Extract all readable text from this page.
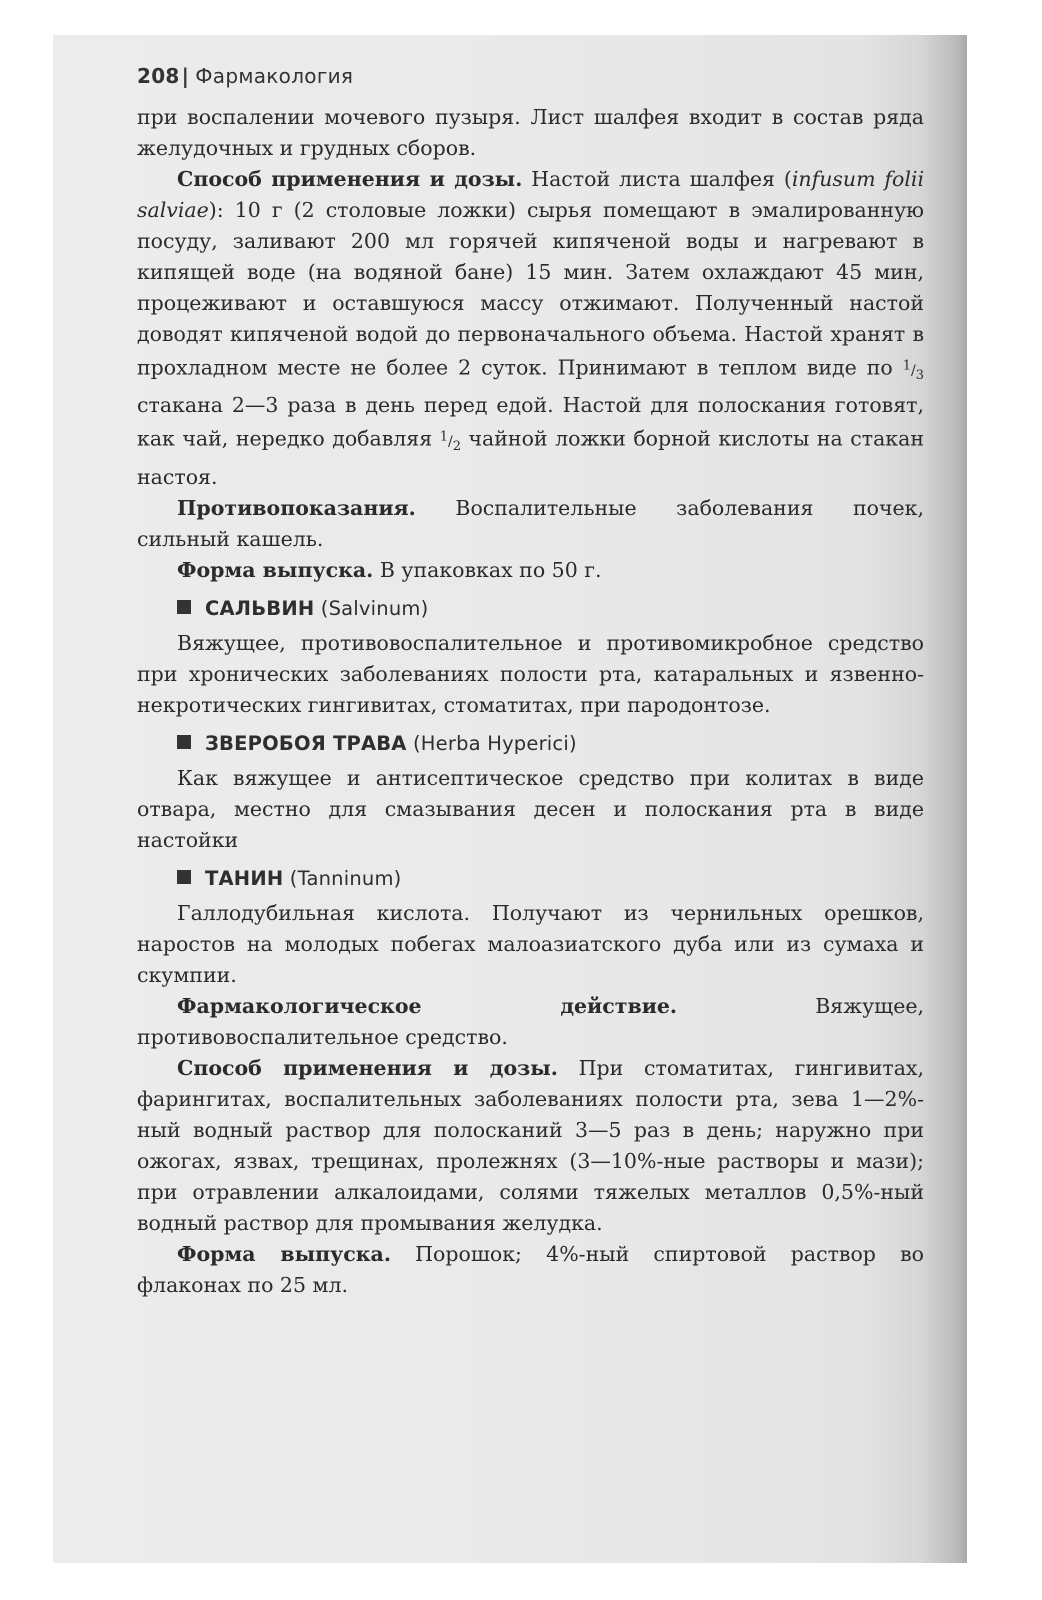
208 | Фармакология

при воспалении мочевого пузыря. Лист шалфея входит в состав ряда желудочных и грудных сборов.

Способ применения и дозы. Настой листа шалфея (infusum folii salviae): 10 г (2 столовые ложки) сырья помещают в эмалированную посуду, заливают 200 мл горячей кипяченой воды и нагревают в кипящей воде (на водяной бане) 15 мин. Затем охлаждают 45 мин, процеживают и оставшуюся массу отжимают. Полученный настой доводят кипяченой водой до первоначального объема. Настой хранят в прохладном месте не более 2 суток. Принимают в теплом виде по $^1/_3$ стакана 2—3 раза в день перед едой. Настой для полоскания готовят, как чай, нередко добавляя $^1/_2$ чайной ложки борной кислоты на стакан настоя.

Противопоказания. Воспалительные заболевания почек, сильный кашель.

Форма выпуска. В упаковках по 50 г.

САЛЬВИН (Salvinum)

Вяжущее, противовоспалительное и противомикробное средство при хронических заболеваниях полости рта, катаральных и язвенно-некротических гингивитах, стоматитах, при пародонтозе.

ЗВЕРОБОЯ ТРАВА (Herba Hyperici)

Как вяжущее и антисептическое средство при колитах в виде отвара, местно для смазывания десен и полоскания рта в виде настойки

ТАНИН (Tanninum)

Галлодубильная кислота. Получают из чернильных орешков, наростов на молодых побегах малоазиатского дуба или из сумаха и скумпии.

Фармакологическое действие. Вяжущее, противовоспалительное средство.

Способ применения и дозы. При стоматитах, гингивитах, фарингитах, воспалительных заболеваниях полости рта, зева 1—2%-ный водный раствор для полосканий 3—5 раз в день; наружно при ожогах, язвах, трещинах, пролежнях (3—10%-ные растворы и мази); при отравлении алкалоидами, солями тяжелых металлов 0,5%-ный водный раствор для промывания желудка.

Форма выпуска. Порошок; 4%-ный спиртовой раствор во флаконах по 25 мл.
